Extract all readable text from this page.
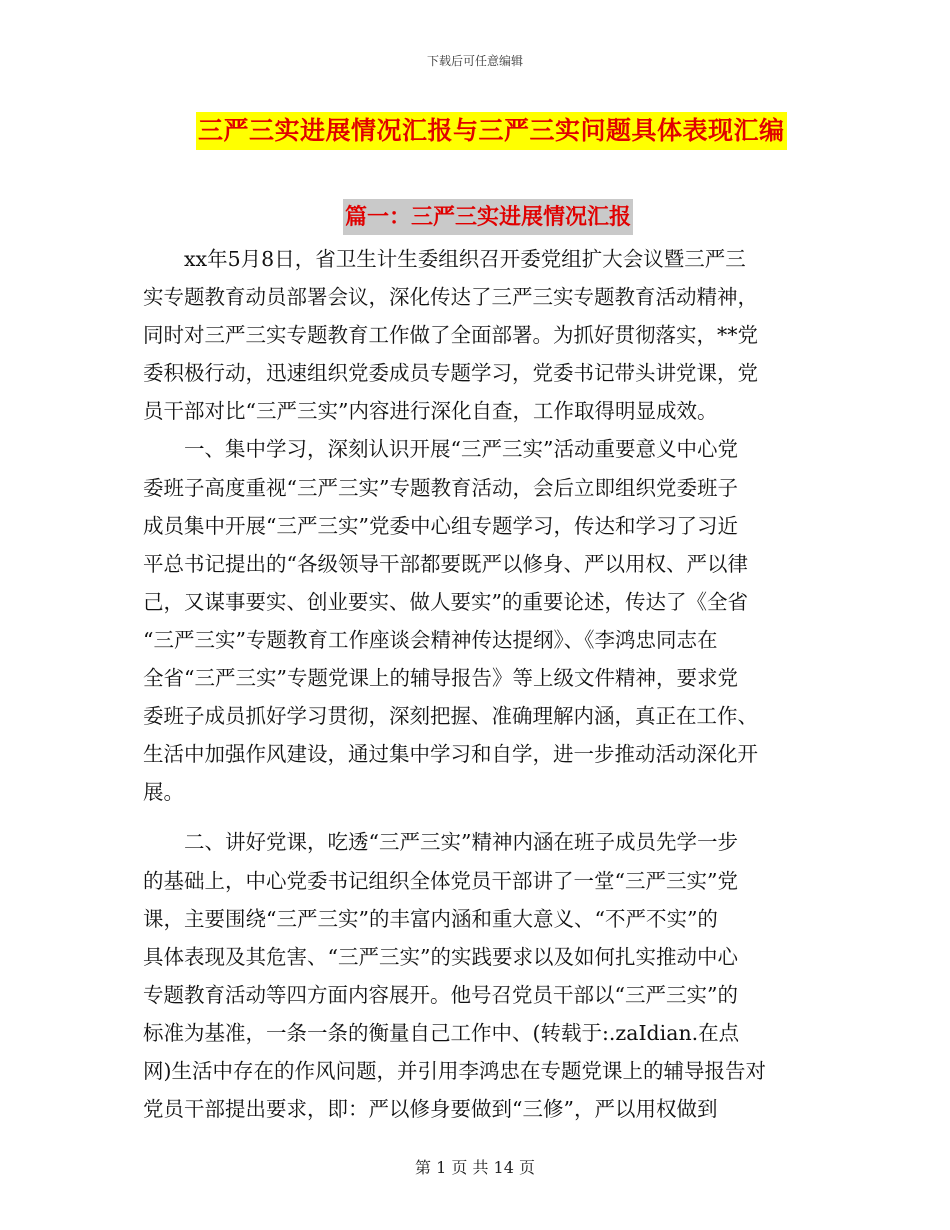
下载后可任意编辑
三严三实进展情况汇报与三严三实问题具体表现汇编
篇一：三严三实进展情况汇报
　　xx年5月8日，省卫生计生委组织召开委党组扩大会议暨三严三
实专题教育动员部署会议，深化传达了三严三实专题教育活动精神，
同时对三严三实专题教育工作做了全面部署。为抓好贯彻落实，**党
委积极行动，迅速组织党委成员专题学习，党委书记带头讲党课，党
员干部对比“三严三实”内容进行深化自查，工作取得明显成效。
　　一、集中学习，深刻认识开展“三严三实”活动重要意义中心党
委班子高度重视“三严三实”专题教育活动，会后立即组织党委班子
成员集中开展“三严三实”党委中心组专题学习，传达和学习了习近
平总书记提出的“各级领导干部都要既严以修身、严以用权、严以律
己，又谋事要实、创业要实、做人要实”的重要论述，传达了《全省
“三严三实”专题教育工作座谈会精神传达提纲》、《李鸿忠同志在
全省“三严三实”专题党课上的辅导报告》等上级文件精神，要求党
委班子成员抓好学习贯彻，深刻把握、准确理解内涵，真正在工作、
生活中加强作风建设，通过集中学习和自学，进一步推动活动深化开
展。
　　二、讲好党课，吃透“三严三实”精神内涵在班子成员先学一步
的基础上，中心党委书记组织全体党员干部讲了一堂“三严三实”党
课，主要围绕“三严三实”的丰富内涵和重大意义、“不严不实”的
具体表现及其危害、“三严三实”的实践要求以及如何扎实推动中心
专题教育活动等四方面内容展开。他号召党员干部以“三严三实”的
标准为基准，一条一条的衡量自己工作中、(转载于:.zaIdian.在点
网)生活中存在的作风问题，并引用李鸿忠在专题党课上的辅导报告对
党员干部提出要求，即：严以修身要做到“三修”，严以用权做到
第 1 页 共 14 页
